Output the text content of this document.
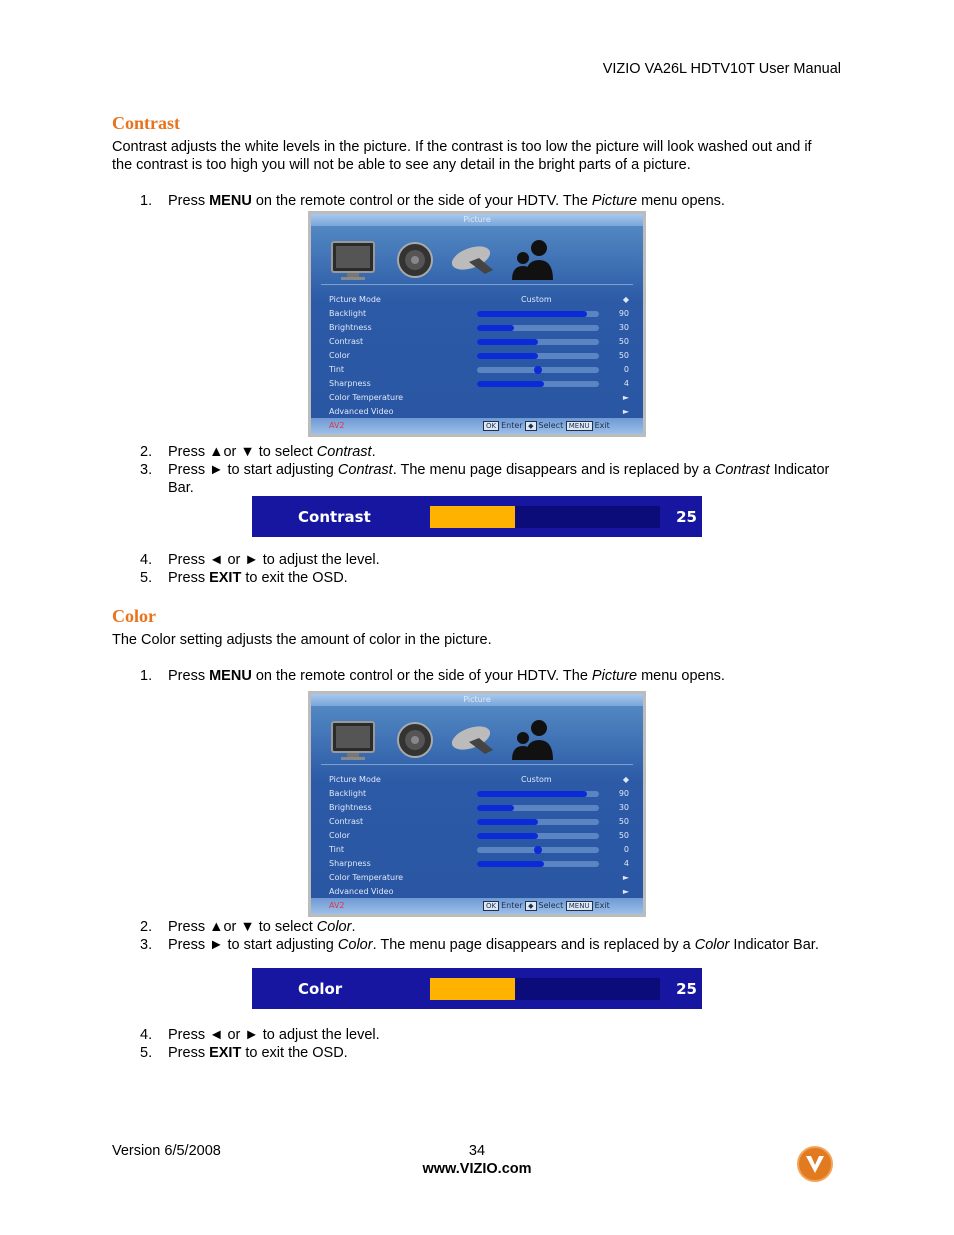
VIZIO VA26L HDTV10T User Manual
Contrast
Contrast adjusts the white levels in the picture. If the contrast is too low the picture will look washed out and if the contrast is too high you will not be able to see any detail in the bright parts of a picture.
1.	Press MENU on the remote control or the side of your HDTV. The Picture menu opens.
Picture
Picture Mode	Custom	◆
Backlight	90
Brightness	30
Contrast	50
Color	50
Tint	0
Sharpness	4
Color Temperature	►
Advanced Video	►
AV2	OK Enter ◆ Select MENU Exit
2.	Press ▲or ▼ to select Contrast.
3.	Press ► to start adjusting Contrast. The menu page disappears and is replaced by a Contrast Indicator Bar.
Contrast	25
4.	Press ◄ or ► to adjust the level.
5.	Press EXIT to exit the OSD.
Color
The Color setting adjusts the amount of color in the picture.
1.	Press MENU on the remote control or the side of your HDTV. The Picture menu opens.
Picture
Picture Mode	Custom	◆
Backlight	90
Brightness	30
Contrast	50
Color	50
Tint	0
Sharpness	4
Color Temperature	►
Advanced Video	►
AV2	OK Enter ◆ Select MENU Exit
2.	Press ▲or ▼ to select Color.
3.	Press ► to start adjusting Color. The menu page disappears and is replaced by a Color Indicator Bar.
Color	25
4.	Press ◄ or ► to adjust the level.
5.	Press EXIT to exit the OSD.
Version 6/5/2008	34
www.VIZIO.com
